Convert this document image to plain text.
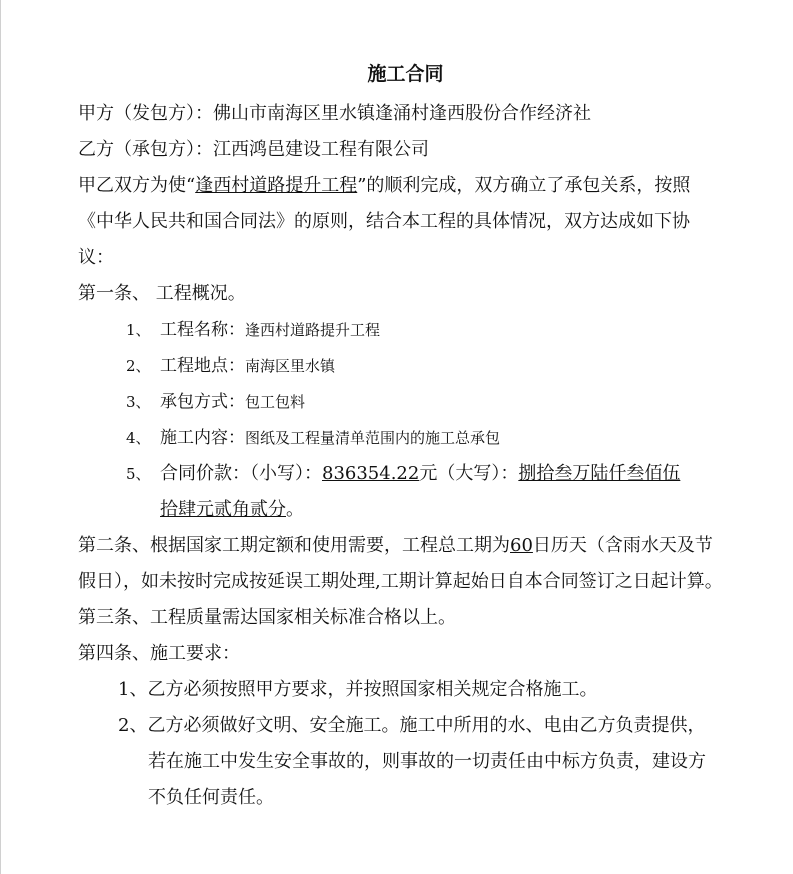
施工合同
甲方（发包方）：佛山市南海区里水镇逢涌村逢西股份合作经济社
乙方（承包方）：江西鸿邑建设工程有限公司
甲乙双方为使“逢西村道路提升工程”的顺利完成，双方确立了承包关系，按照《中华人民共和国合同法》的原则，结合本工程的具体情况，双方达成如下协议：
第一条、 工程概况。
1、 工程名称：逢西村道路提升工程
2、 工程地点：南海区里水镇
3、 承包方式：包工包料
4、 施工内容：图纸及工程量清单范围内的施工总承包
5、 合同价款：（小写）：836354.22元（大写）：捌拾叁万陆仟叁佰伍
拾肆元贰角贰分。
第二条、根据国家工期定额和使用需要，工程总工期为60日历天（含雨水天及节假日），如未按时完成按延误工期处理,工期计算起始日自本合同签订之日起计算。
第三条、工程质量需达国家相关标准合格以上。
第四条、施工要求：
1、乙方必须按照甲方要求，并按照国家相关规定合格施工。
2、乙方必须做好文明、安全施工。施工中所用的水、电由乙方负责提供，
若在施工中发生安全事故的，则事故的一切责任由中标方负责，建设方
不负任何责任。
